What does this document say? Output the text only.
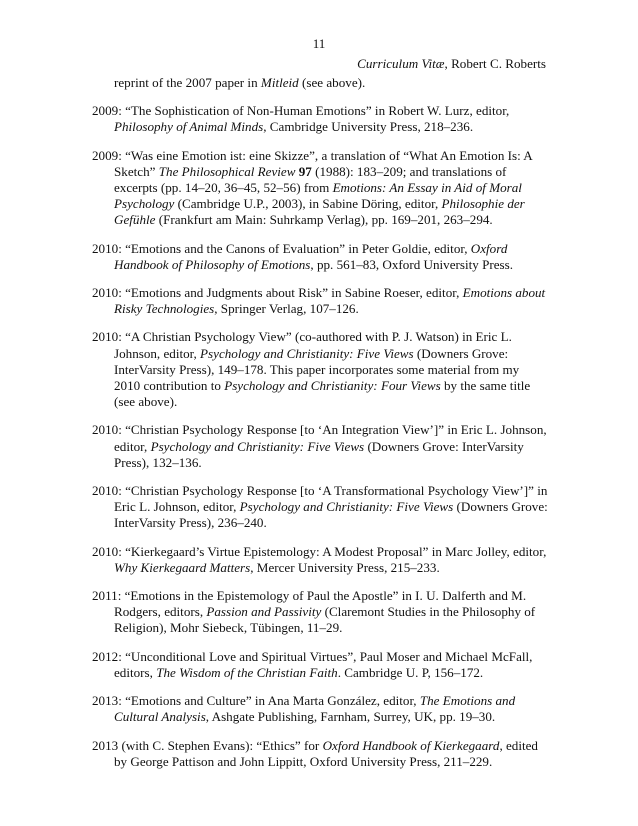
11
Curriculum Vitæ, Robert C. Roberts
reprint of the 2007 paper in Mitleid (see above).
2009: “The Sophistication of Non-Human Emotions” in Robert W. Lurz, editor, Philosophy of Animal Minds, Cambridge University Press, 218–236.
2009: “Was eine Emotion ist: eine Skizze”, a translation of “What An Emotion Is: A Sketch” The Philosophical Review 97 (1988): 183–209; and translations of excerpts (pp. 14–20, 36–45, 52–56) from Emotions: An Essay in Aid of Moral Psychology (Cambridge U.P., 2003), in Sabine Döring, editor, Philosophie der Gefühle (Frankfurt am Main: Suhrkamp Verlag), pp. 169–201, 263–294.
2010: “Emotions and the Canons of Evaluation” in Peter Goldie, editor, Oxford Handbook of Philosophy of Emotions, pp. 561–83, Oxford University Press.
2010: “Emotions and Judgments about Risk” in Sabine Roeser, editor, Emotions about Risky Technologies, Springer Verlag, 107–126.
2010: “A Christian Psychology View” (co-authored with P. J. Watson) in Eric L. Johnson, editor, Psychology and Christianity: Five Views (Downers Grove: InterVarsity Press), 149–178. This paper incorporates some material from my 2010 contribution to Psychology and Christianity: Four Views by the same title (see above).
2010: “Christian Psychology Response [to ‘An Integration View’]” in Eric L. Johnson, editor, Psychology and Christianity: Five Views (Downers Grove: InterVarsity Press), 132–136.
2010: “Christian Psychology Response [to ‘A Transformational Psychology View’]” in Eric L. Johnson, editor, Psychology and Christianity: Five Views (Downers Grove: InterVarsity Press), 236–240.
2010: “Kierkegaard’s Virtue Epistemology: A Modest Proposal” in Marc Jolley, editor, Why Kierkegaard Matters, Mercer University Press, 215–233.
2011: “Emotions in the Epistemology of Paul the Apostle” in I. U. Dalferth and M. Rodgers, editors, Passion and Passivity (Claremont Studies in the Philosophy of Religion), Mohr Siebeck, Tübingen, 11–29.
2012: “Unconditional Love and Spiritual Virtues”, Paul Moser and Michael McFall, editors, The Wisdom of the Christian Faith. Cambridge U. P, 156–172.
2013: “Emotions and Culture” in Ana Marta González, editor, The Emotions and Cultural Analysis, Ashgate Publishing, Farnham, Surrey, UK, pp. 19–30.
2013 (with C. Stephen Evans): “Ethics” for Oxford Handbook of Kierkegaard, edited by George Pattison and John Lippitt, Oxford University Press, 211–229.
